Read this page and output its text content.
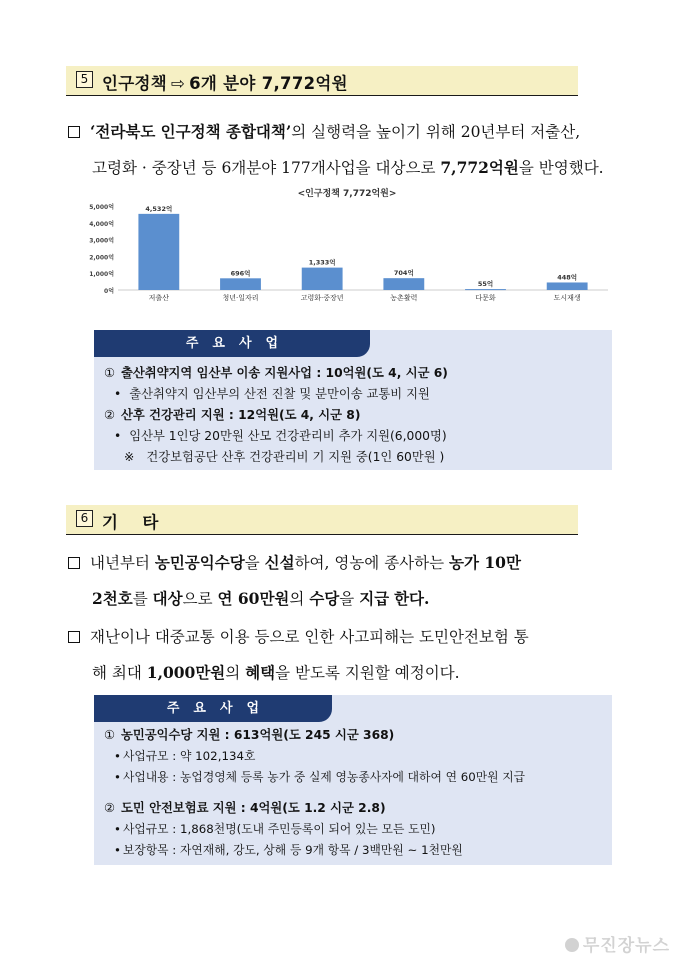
5 인구정책 ⇨ 6개 분야 7,772억원
‘전라북도 인구정책 종합대책’의 실행력을 높이기 위해 20년부터 저출산,
고령화 · 중장년 등 6개분야 177개사업을 대상으로 7,772억원을 반영했다.
<인구정책 7,772억원>
0억
1,000억
2,000억
3,000억
4,000억
5,000억	4,532억
저출산
696억
청년·일자리
1,333억
고령화·중장년
704억
농촌활력
55억
다문화
448억
도시재생
주요사업
① 출산취약지역 임산부 이송 지원사업 : 10억원(도 4, 시군 6)
• 출산취약지 임산부의 산전 진찰 및 분만이송 교통비 지원
② 산후 건강관리 지원 : 12억원(도 4, 시군 8)
• 임산부 1인당 20만원 산모 건강관리비 추가 지원(6,000명)
※ 건강보험공단 산후 건강관리비 기 지원 중(1인 60만원 )
6 기    타
내년부터 농민공익수당을 신설하여, 영농에 종사하는 농가 10만
2천호를 대상으로 연 60만원의 수당을 지급 한다.
재난이나 대중교통 이용 등으로 인한 사고피해는 도민안전보험 통
해 최대 1,000만원의 혜택을 받도록 지원할 예정이다.
주요사업
① 농민공익수당 지원 : 613억원(도 245 시군 368)
• 사업규모 : 약 102,134호
• 사업내용 : 농업경영체 등록 농가 중 실제 영농종사자에 대하여 연 60만원 지급
② 도민 안전보험료 지원 : 4억원(도 1.2 시군 2.8)
• 사업규모 : 1,868천명(도내 주민등록이 되어 있는 모든 도민)
• 보장항목 : 자연재해, 강도, 상해 등 9개 항목 / 3백만원 ~ 1천만원
무진장뉴스
